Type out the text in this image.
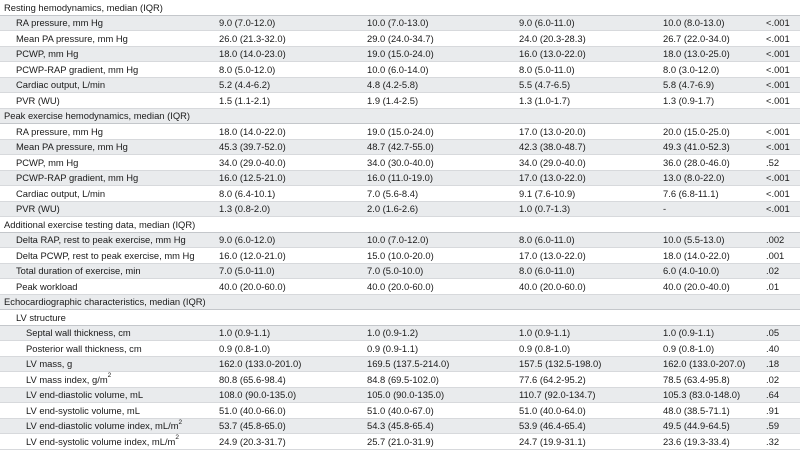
Resting hemodynamics, median (IQR)
RA pressure, mm Hg	9.0 (7.0-12.0)	10.0 (7.0-13.0)	9.0 (6.0-11.0)	10.0 (8.0-13.0)	<.001
Mean PA pressure, mm Hg	26.0 (21.3-32.0)	29.0 (24.0-34.7)	24.0 (20.3-28.3)	26.7 (22.0-34.0)	<.001
PCWP, mm Hg	18.0 (14.0-23.0)	19.0 (15.0-24.0)	16.0 (13.0-22.0)	18.0 (13.0-25.0)	<.001
PCWP-RAP gradient, mm Hg	8.0 (5.0-12.0)	10.0 (6.0-14.0)	8.0 (5.0-11.0)	8.0 (3.0-12.0)	<.001
Cardiac output, L/min	5.2 (4.4-6.2)	4.8 (4.2-5.8)	5.5 (4.7-6.5)	5.8 (4.7-6.9)	<.001
PVR (WU)	1.5 (1.1-2.1)	1.9 (1.4-2.5)	1.3 (1.0-1.7)	1.3 (0.9-1.7)	<.001
Peak exercise hemodynamics, median (IQR)
RA pressure, mm Hg	18.0 (14.0-22.0)	19.0 (15.0-24.0)	17.0 (13.0-20.0)	20.0 (15.0-25.0)	<.001
Mean PA pressure, mm Hg	45.3 (39.7-52.0)	48.7 (42.7-55.0)	42.3 (38.0-48.7)	49.3 (41.0-52.3)	<.001
PCWP, mm Hg	34.0 (29.0-40.0)	34.0 (30.0-40.0)	34.0 (29.0-40.0)	36.0 (28.0-46.0)	.52
PCWP-RAP gradient, mm Hg	16.0 (12.5-21.0)	16.0 (11.0-19.0)	17.0 (13.0-22.0)	13.0 (8.0-22.0)	<.001
Cardiac output, L/min	8.0 (6.4-10.1)	7.0 (5.6-8.4)	9.1 (7.6-10.9)	7.6 (6.8-11.1)	<.001
PVR (WU)	1.3 (0.8-2.0)	2.0 (1.6-2.6)	1.0 (0.7-1.3)	-	<.001
Additional exercise testing data, median (IQR)
Delta RAP, rest to peak exercise, mm Hg	9.0 (6.0-12.0)	10.0 (7.0-12.0)	8.0 (6.0-11.0)	10.0 (5.5-13.0)	.002
Delta PCWP, rest to peak exercise, mm Hg	16.0 (12.0-21.0)	15.0 (10.0-20.0)	17.0 (13.0-22.0)	18.0 (14.0-22.0)	.001
Total duration of exercise, min	7.0 (5.0-11.0)	7.0 (5.0-10.0)	8.0 (6.0-11.0)	6.0 (4.0-10.0)	.02
Peak workload	40.0 (20.0-60.0)	40.0 (20.0-60.0)	40.0 (20.0-60.0)	40.0 (20.0-40.0)	.01
Echocardiographic characteristics, median (IQR)
LV structure
Septal wall thickness, cm	1.0 (0.9-1.1)	1.0 (0.9-1.2)	1.0 (0.9-1.1)	1.0 (0.9-1.1)	.05
Posterior wall thickness, cm	0.9 (0.8-1.0)	0.9 (0.9-1.1)	0.9 (0.8-1.0)	0.9 (0.8-1.0)	.40
LV mass, g	162.0 (133.0-201.0)	169.5 (137.5-214.0)	157.5 (132.5-198.0)	162.0 (133.0-207.0) .18
LV mass index, $g/m^2$	80.8 (65.6-98.4)	84.8 (69.5-102.0)	77.6 (64.2-95.2)	78.5 (63.4-95.8)	.02
LV end-diastolic volume, mL	108.0 (90.0-135.0)	105.0 (90.0-135.0)	110.7 (92.0-134.7)	105.3 (83.0-148.0)	.64
LV end-systolic volume, mL	51.0 (40.0-66.0)	51.0 (40.0-67.0)	51.0 (40.0-64.0)	48.0 (38.5-71.1)	.91
LV end-diastolic volume index, $mL/m^2$	53.7 (45.8-65.0)	54.3 (45.8-65.4)	53.9 (46.4-65.4)	49.5 (44.9-64.5)	.59
LV end-systolic volume index, $mL/m^2$	24.9 (20.3-31.7)	25.7 (21.0-31.9)	24.7 (19.9-31.1)	23.6 (19.3-33.4)	.32
